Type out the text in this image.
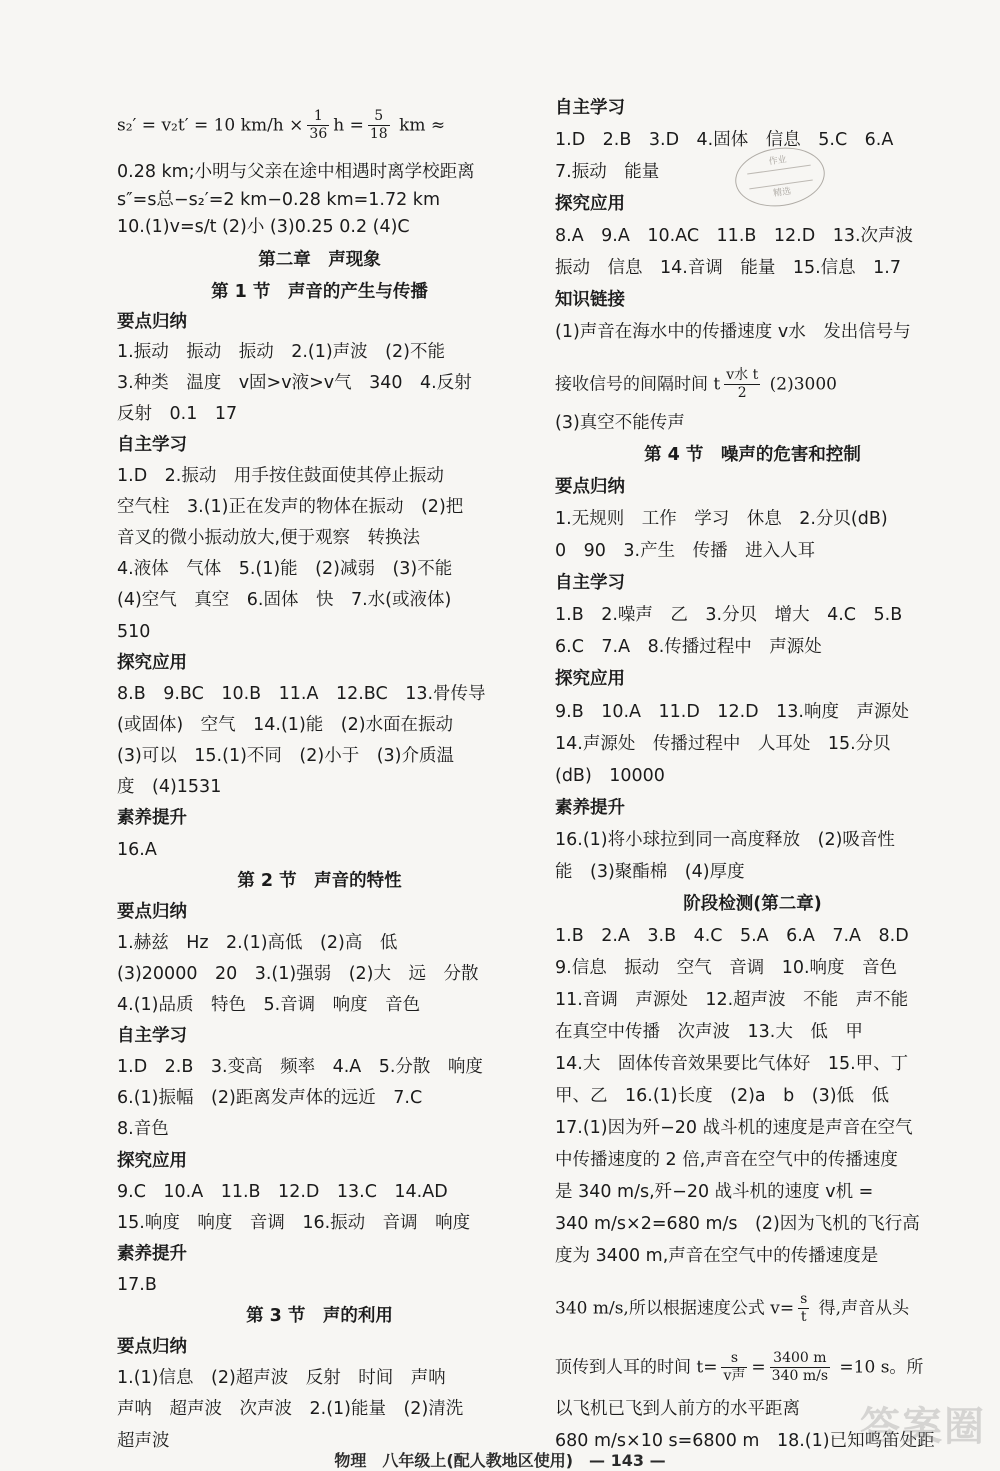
s₂′ = v₂t′ = 10 $km/h \times \frac{1}{36}$ $h = \frac{5}{18}$ km ≈
0.28 km;小明与父亲在途中相遇时离学校距离
s″=s总−s₂′=2 km−0.28 km=1.72 km
10.(1)v=s/t (2)小 (3)0.25 0.2 (4)C
第二章　声现象
第 1 节　声音的产生与传播
要点归纳
1.振动　振动　振动　2.(1)声波　(2)不能
3.种类　温度　v固>v液>v气　340　4.反射
反射　0.1　17
自主学习
1.D　2.振动　用手按住鼓面使其停止振动
空气柱　3.(1)正在发声的物体在振动　(2)把
音叉的微小振动放大,便于观察　转换法
4.液体　气体　5.(1)能　(2)减弱　(3)不能
(4)空气　真空　6.固体　快　7.水(或液体)
510
探究应用
8.B　9.BC　10.B　11.A　12.BC　13.骨传导
(或固体)　空气　14.(1)能　(2)水面在振动
(3)可以　15.(1)不同　(2)小于　(3)介质温
度　(4)1531
素养提升
16.A
第 2 节　声音的特性
要点归纳
1.赫兹　Hz　2.(1)高低　(2)高　低
(3)20000　20　3.(1)强弱　(2)大　远　分散
4.(1)品质　特色　5.音调　响度　音色
自主学习
1.D　2.B　3.变高　频率　4.A　5.分散　响度
6.(1)振幅　(2)距离发声体的远近　7.C
8.音色
探究应用
9.C　10.A　11.B　12.D　13.C　14.AD
15.响度　响度　音调　16.振动　音调　响度
素养提升
17.B
第 3 节　声的利用
要点归纳
1.(1)信息　(2)超声波　反射　时间　声呐
声呐　超声波　次声波　2.(1)能量　(2)清洗
超声波
自主学习
1.D　2.B　3.D　4.固体　信息　5.C　6.A
7.振动　能量
探究应用
8.A　9.A　10.AC　11.B　12.D　13.次声波
振动　信息　14.音调　能量　15.信息　1.7
知识链接
(1)声音在海水中的传播速度 v水　发出信号与
接收信号的间隔时间 t $\frac{\text{v水 t}}{2} (2)3000$
(3)真空不能传声
第 4 节　噪声的危害和控制
要点归纳
1.无规则　工作　学习　休息　2.分贝(dB)
0　90　3.产生　传播　进入人耳
自主学习
1.B　2.噪声　乙　3.分贝　增大　4.C　5.B
6.C　7.A　8.传播过程中　声源处
探究应用
9.B　10.A　11.D　12.D　13.响度　声源处
14.声源处　传播过程中　人耳处　15.分贝
(dB)　10000
素养提升
16.(1)将小球拉到同一高度释放　(2)吸音性
能　(3)聚酯棉　(4)厚度
阶段检测(第二章)
1.B　2.A　3.B　4.C　5.A　6.A　7.A　8.D
9.信息　振动　空气　音调　10.响度　音色
11.音调　声源处　12.超声波　不能　声不能
在真空中传播　次声波　13.大　低　甲
14.大　固体传音效果要比气体好　15.甲、丁
甲、乙　16.(1)长度　(2)a　b　(3)低　低
17.(1)因为歼−20 战斗机的速度是声音在空气
中传播速度的 2 倍,声音在空气中的传播速度
是 340 m/s,歼−20 战斗机的速度 v机 =
340 m/s×2=680 m/s　(2)因为飞机的飞行高
度为 3400 m,声音在空气中的传播速度是
340 m/s,所以根据速度公式 $v= \frac{s}{t}$ 得,声音从头
顶传到人耳的时间 $t= \frac{s}{\text{v声}} = \frac{3400 m}{340 m/s} =10$ s。所
以飞机已飞到人前方的水平距离
680 m/s×10 s=6800 m　18.(1)已知鸣笛处距
作业

精选
物理　八年级上(配人教地区使用)　— 143 —
答案圈
